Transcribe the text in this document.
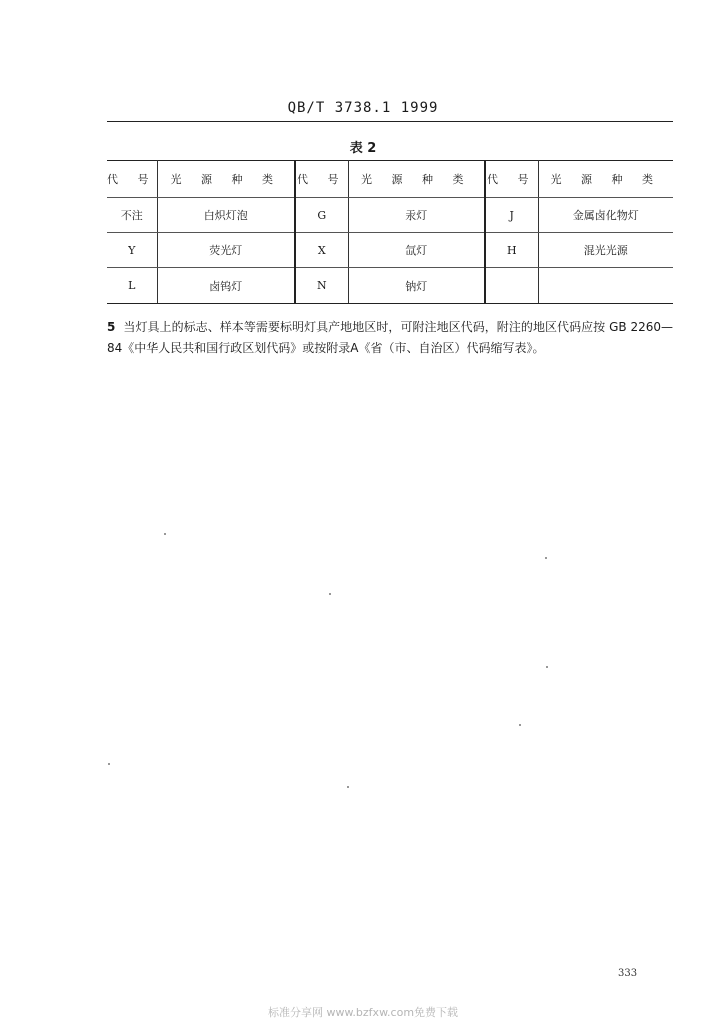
QB/T 3738.1 1999
表 2
代 号	光 源 种 类	代 号	光 源 种 类	代 号	光 源 种 类
不注	白炽灯泡	G	汞灯	J	金属卤化物灯
Y	荧光灯	X	氙灯	H	混光光源
L	卤钨灯	N	钠灯		
5 当灯具上的标志、样本等需要标明灯具产地地区时，可附注地区代码，附注的地区代码应按 GB 2260—84《中华人民共和国行政区划代码》或按附录A《省（市、自治区）代码缩写表》。
333
标准分享网 www.bzfxw.com免费下载
